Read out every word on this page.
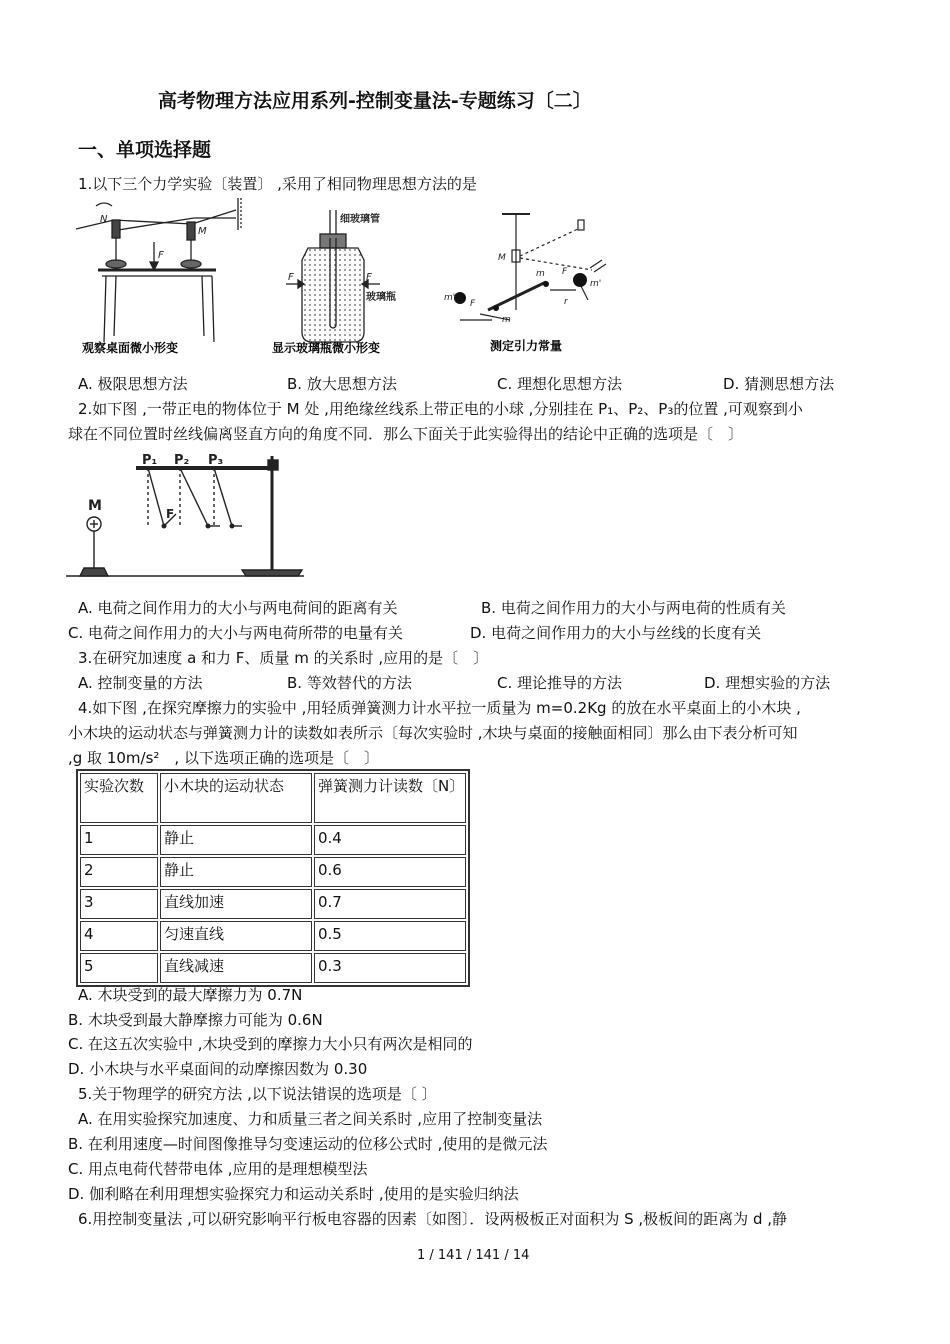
高考物理方法应用系列-控制变量法-专题练习〔二〕
一、单项选择题
1.以下三个力学实验〔装置〕 ,采用了相同物理思想方法的是
N
M
F
观察桌面微小形变
细玻璃管
玻璃瓶
F	F
显示玻璃瓶微小形变
M
m
m
m'
m'
F
F	r
测定引力常量
A. 极限思想方法	B. 放大思想方法	C. 理想化思想方法	D. 猜测思想方法
2.如下图 ,一带正电的物体位于 M 处 ,用绝缘丝线系上带正电的小球 ,分别挂在 P₁、P₂、P₃的位置 ,可观察到小
球在不同位置时丝线偏离竖直方向的角度不同．那么下面关于此实验得出的结论中正确的选项是〔　〕
P₁ P₂ P₃
M	F
A. 电荷之间作用力的大小与两电荷间的距离有关	B. 电荷之间作用力的大小与两电荷的性质有关
C. 电荷之间作用力的大小与两电荷所带的电量有关	D. 电荷之间作用力的大小与丝线的长度有关
3.在研究加速度 a 和力 F、质量 m 的关系时 ,应用的是〔　〕
A. 控制变量的方法	B. 等效替代的方法	C. 理论推导的方法	D. 理想实验的方法
4.如下图 ,在探究摩擦力的实验中 ,用轻质弹簧测力计水平拉一质量为 m=0.2Kg 的放在水平桌面上的小木块 ,
小木块的运动状态与弹簧测力计的读数如表所示〔每次实验时 ,木块与桌面的接触面相同〕那么由下表分析可知
,g 取 10m/s²　, 以下选项正确的选项是〔　〕
实验次数	小木块的运动状态	弹簧测力计读数〔N〕
1	静止	0.4
2	静止	0.6
3	直线加速	0.7
4	匀速直线	0.5
5	直线减速	0.3
A. 木块受到的最大摩擦力为 0.7N
B. 木块受到最大静摩擦力可能为 0.6N
C. 在这五次实验中 ,木块受到的摩擦力大小只有两次是相同的
D. 小木块与水平桌面间的动摩擦因数为 0.30
5.关于物理学的研究方法 ,以下说法错误的选项是〔 〕
A. 在用实验探究加速度、力和质量三者之间关系时 ,应用了控制变量法
B. 在利用速度—时间图像推导匀变速运动的位移公式时 ,使用的是微元法
C. 用点电荷代替带电体 ,应用的是理想模型法
D. 伽利略在利用理想实验探究力和运动关系时 ,使用的是实验归纳法
6.用控制变量法 ,可以研究影响平行板电容器的因素〔如图〕．设两极板正对面积为 S ,极板间的距离为 d ,静
1 / 141 / 141 / 14
